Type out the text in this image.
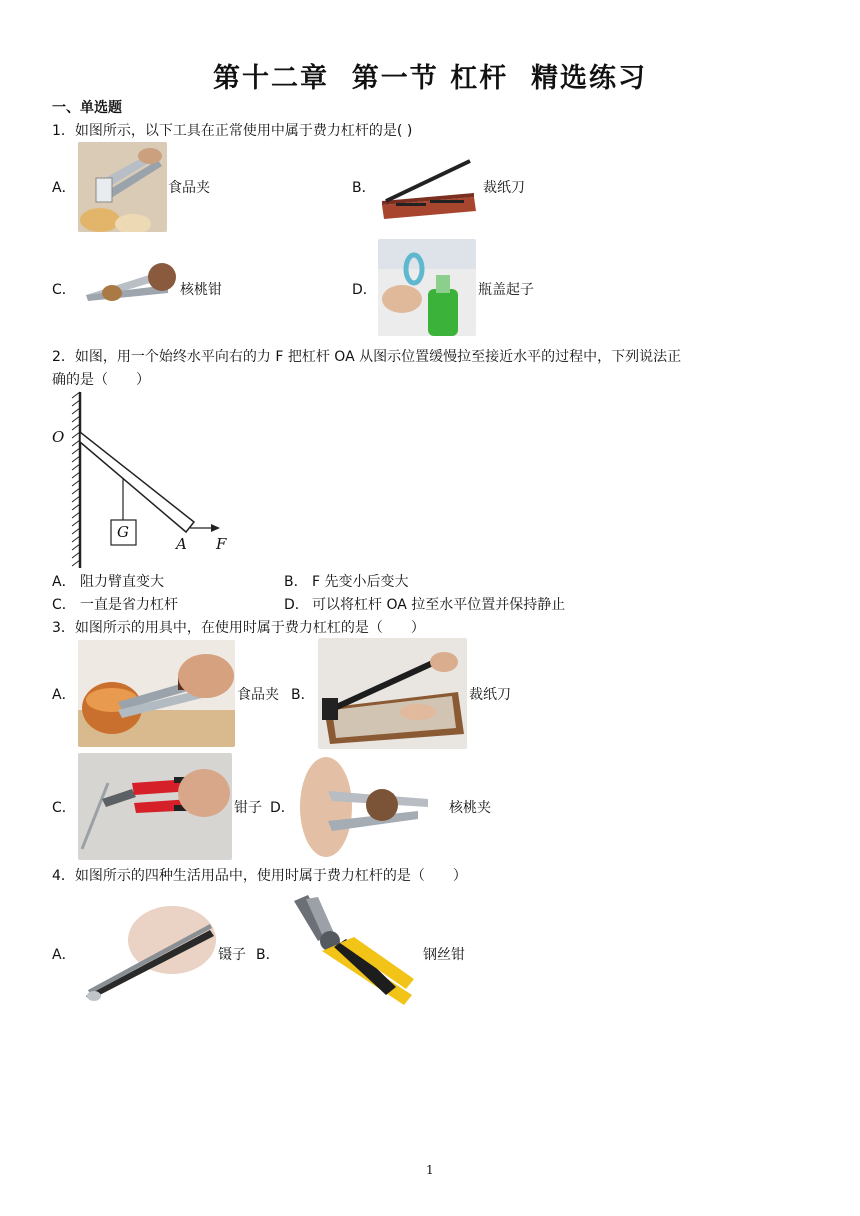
第十二章  第一节 杠杆  精选练习
一、单选题
1．如图所示，以下工具在正常使用中属于费力杠杆的是( )
A．	食品夹	B．	裁纸刀
C．	核桃钳	D．	瓶盖起子
2．如图，用一个始终水平向右的力 F 把杠杆 OA 从图示位置缓慢拉至接近水平的过程中，下列说法正
确的是（　　）
O
G
A F
A． 阻力臂直变大	B． F 先变小后变大
C． 一直是省力杠杆	D． 可以将杠杆 OA 拉至水平位置并保持静止
3．如图所示的用具中，在使用时属于费力杠杠的是（　　）
A．	食品夹 B．	裁纸刀
C．	钳子 D．	核桃夹
4．如图所示的四种生活用品中，使用时属于费力杠杆的是（　　）
A．	镊子 B．	钢丝钳
1
